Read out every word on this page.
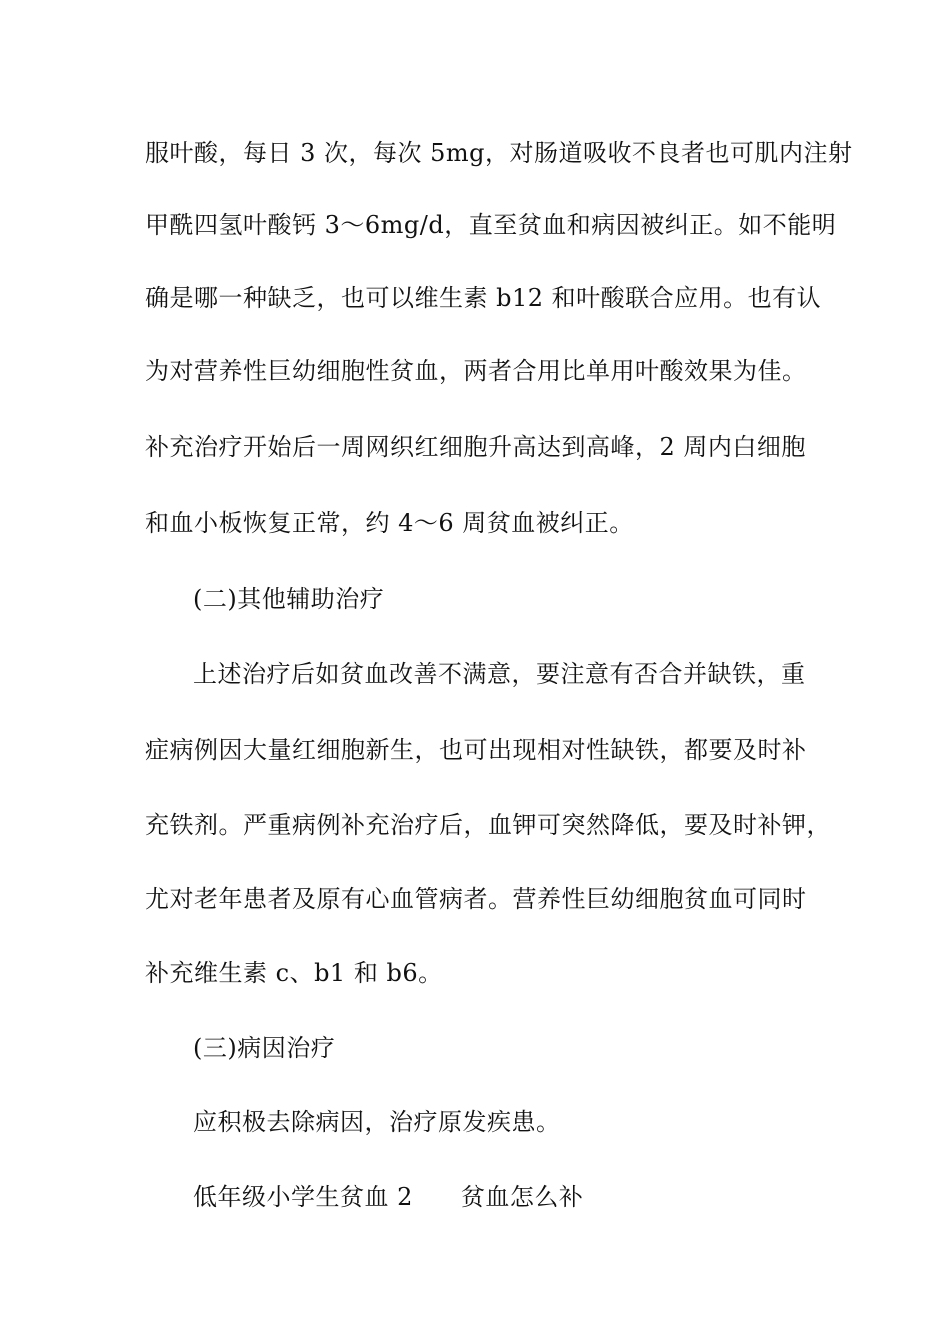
服叶酸，每日 3 次，每次 5mg，对肠道吸收不良者也可肌内注射
甲酰四氢叶酸钙 3～6mg/d，直至贫血和病因被纠正。如不能明
确是哪一种缺乏，也可以维生素 b12 和叶酸联合应用。也有认
为对营养性巨幼细胞性贫血，两者合用比单用叶酸效果为佳。
补充治疗开始后一周网织红细胞升高达到高峰，2 周内白细胞
和血小板恢复正常，约 4～6 周贫血被纠正。
(二)其他辅助治疗
上述治疗后如贫血改善不满意，要注意有否合并缺铁，重
症病例因大量红细胞新生，也可出现相对性缺铁，都要及时补
充铁剂。严重病例补充治疗后，血钾可突然降低，要及时补钾，
尤对老年患者及原有心血管病者。营养性巨幼细胞贫血可同时
补充维生素 c、b1 和 b6。
(三)病因治疗
应积极去除病因，治疗原发疾患。
低年级小学生贫血 2 贫血怎么补
